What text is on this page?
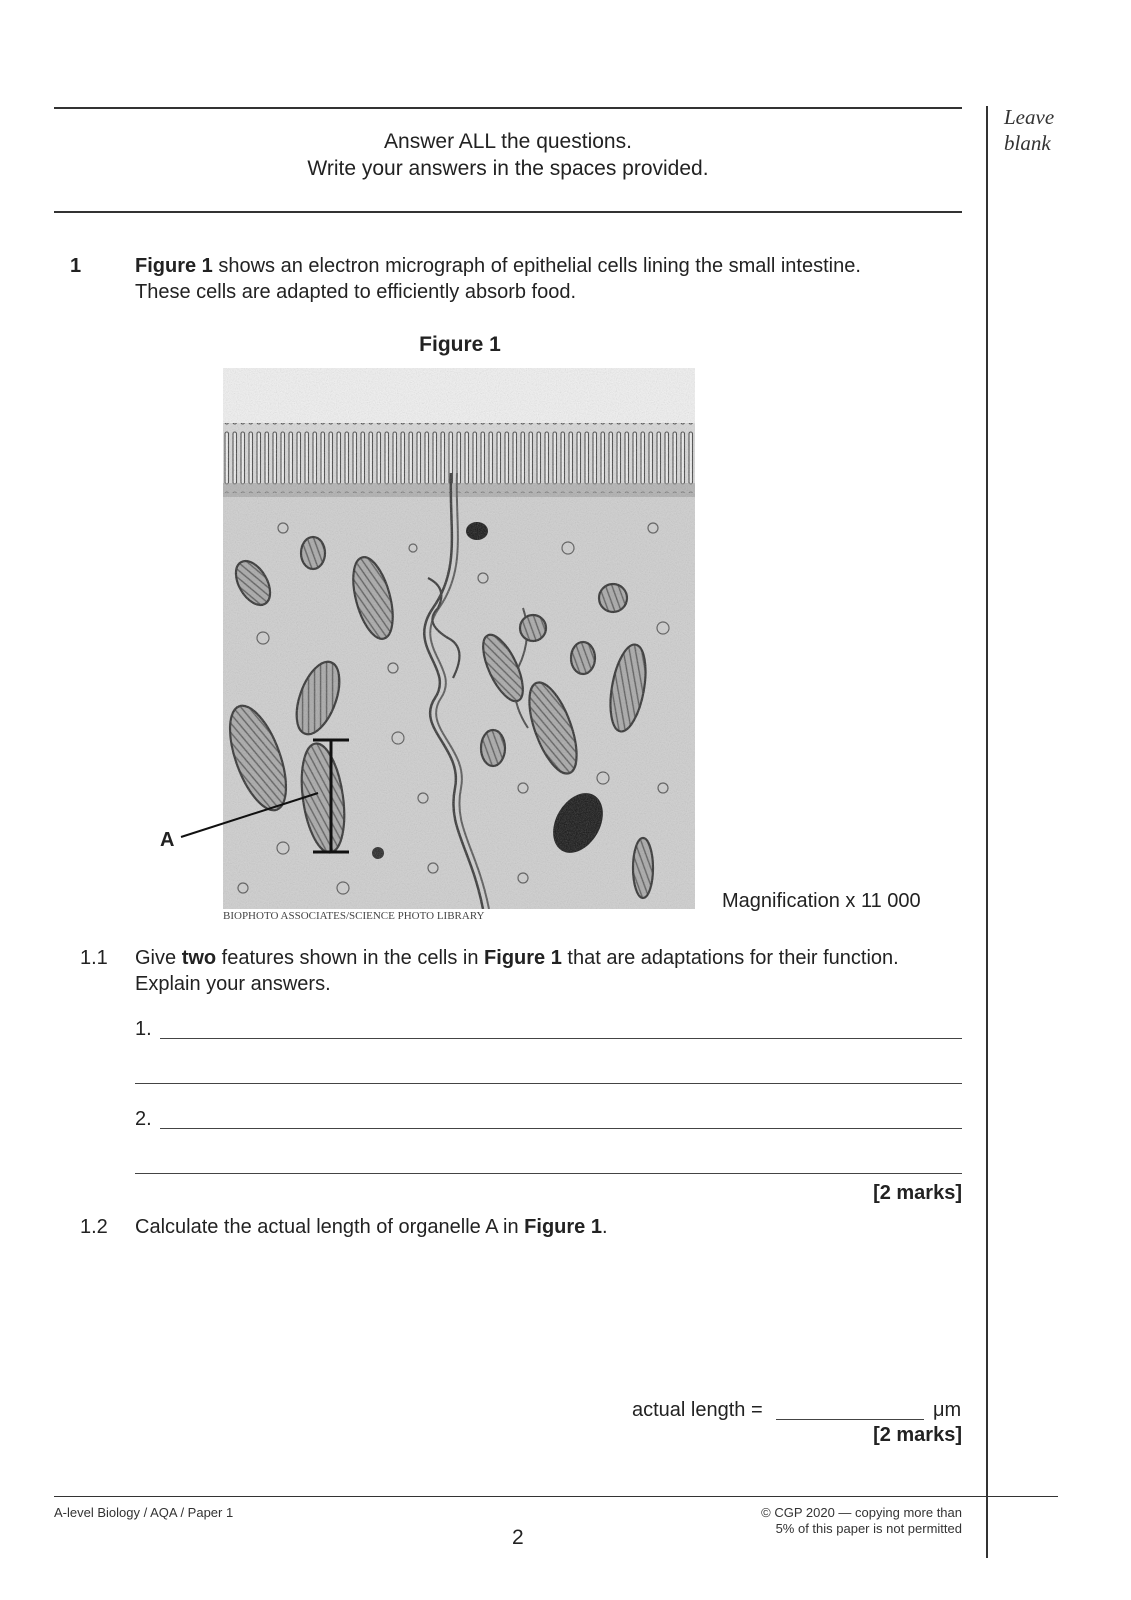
Leave
blank
Answer ALL the questions.
Write your answers in the spaces provided.
1	Figure 1 shows an electron micrograph of epithelial cells lining the small intestine.
These cells are adapted to efficiently absorb food.
Figure 1
A
BIOPHOTO ASSOCIATES/SCIENCE PHOTO LIBRARY
Magnification x 11 000
1.1 Give two features shown in the cells in Figure 1 that are adaptations for their function.
Explain your answers.
1.
2.
[2 marks]
1.2 Calculate the actual length of organelle A in Figure 1.
actual length =	μm
[2 marks]
A-level Biology / AQA / Paper 1
2
© CGP 2020 — copying more than
5% of this paper is not permitted
